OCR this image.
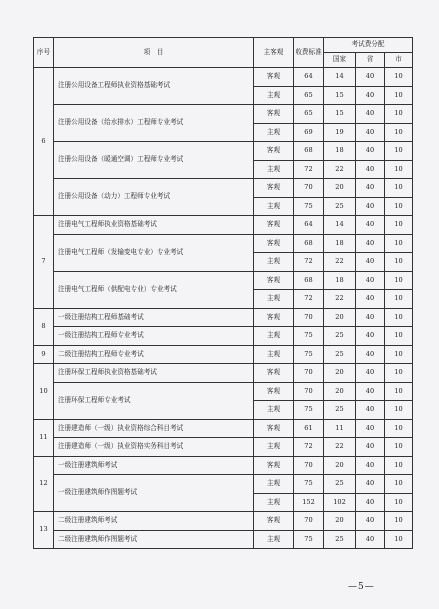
序号	项　目	主客观	收费标准	考试费分配		
				国家	省	市
6	注册公用设备工程师执业资格基础考试	客观	64	14	40	10
		主观	65	15	40	10
	注册公用设备（给水排水）工程师专业考试	客观	65	15	40	10
		主观	69	19	40	10
	注册公用设备（暖通空调）工程师专业考试	客观	68	18	40	10
		主观	72	22	40	10
	注册公用设备（动力）工程师专业考试	客观	70	20	40	10
		主观	75	25	40	10
7	注册电气工程师执业资格基础考试	客观	64	14	40	10
	注册电气工程师（发输变电专业）专业考试	客观	68	18	40	10
		主观	72	22	40	10
	注册电气工程师（供配电专业）专业考试	客观	68	18	40	10
		主观	72	22	40	10
8	一级注册结构工程师基础考试	客观	70	20	40	10
	一级注册结构工程师专业考试	主观	75	25	40	10
9	二级注册结构工程师专业考试	主观	75	25	40	10
10	注册环保工程师执业资格基础考试	客观	70	20	40	10
	注册环保工程师专业考试	客观	70	20	40	10
		主观	75	25	40	10
11	注册建造师（一级）执业资格综合科目考试	客观	61	11	40	10
	注册建造师（一级）执业资格实务科目考试	主观	72	22	40	10
12	一级注册建筑师考试	客观	70	20	40	10
	一级注册建筑师作图题考试	主观	75	25	40	10
		主观	152	102	40	10
13	二级注册建筑师考试	客观	70	20	40	10
	二级注册建筑师作图题考试	主观	75	25	40	10
—5—
